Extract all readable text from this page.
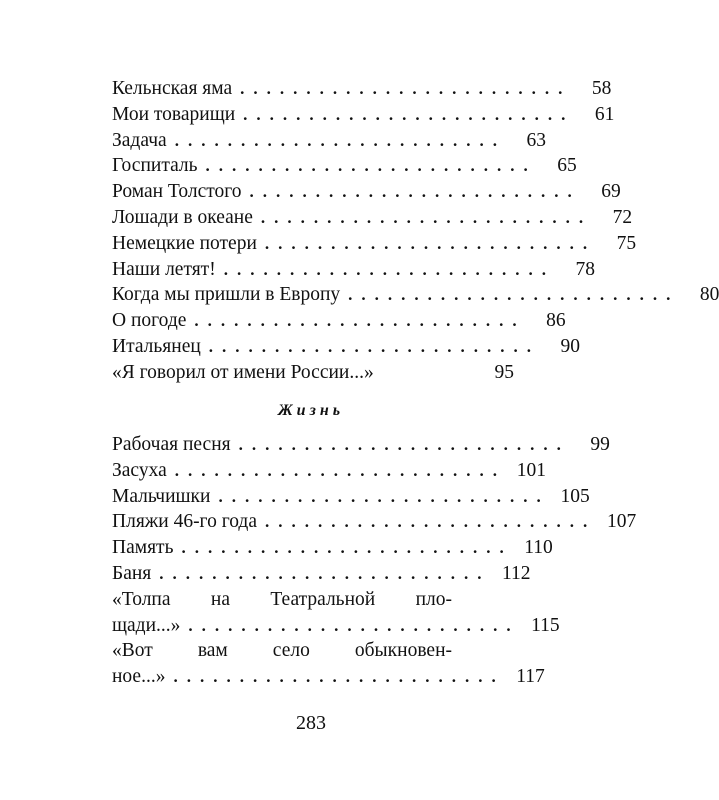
Кельнская яма .........................	58
Мои товарищи .........................	61
Задача .........................	63
Госпиталь .........................	65
Роман Толстого .........................	69
Лошади в океане .........................	72
Немецкие потери .........................	75
Наши летят! .........................	78
Когда мы пришли в Европу .........................	80
О погоде .........................	86
Итальянец .........................	90
«Я говорил от имени России...»	95
Жизнь
Рабочая песня .........................	99
Засуха ......................... 101
Мальчишки ......................... 105
Пляжи 46-го года ......................... 107
Память ......................... 110
Баня ......................... 112
«Толпа на Театральной пло-
щади...» ......................... 115
«Вот вам село обыкновен-
ное...» ......................... 117
283
